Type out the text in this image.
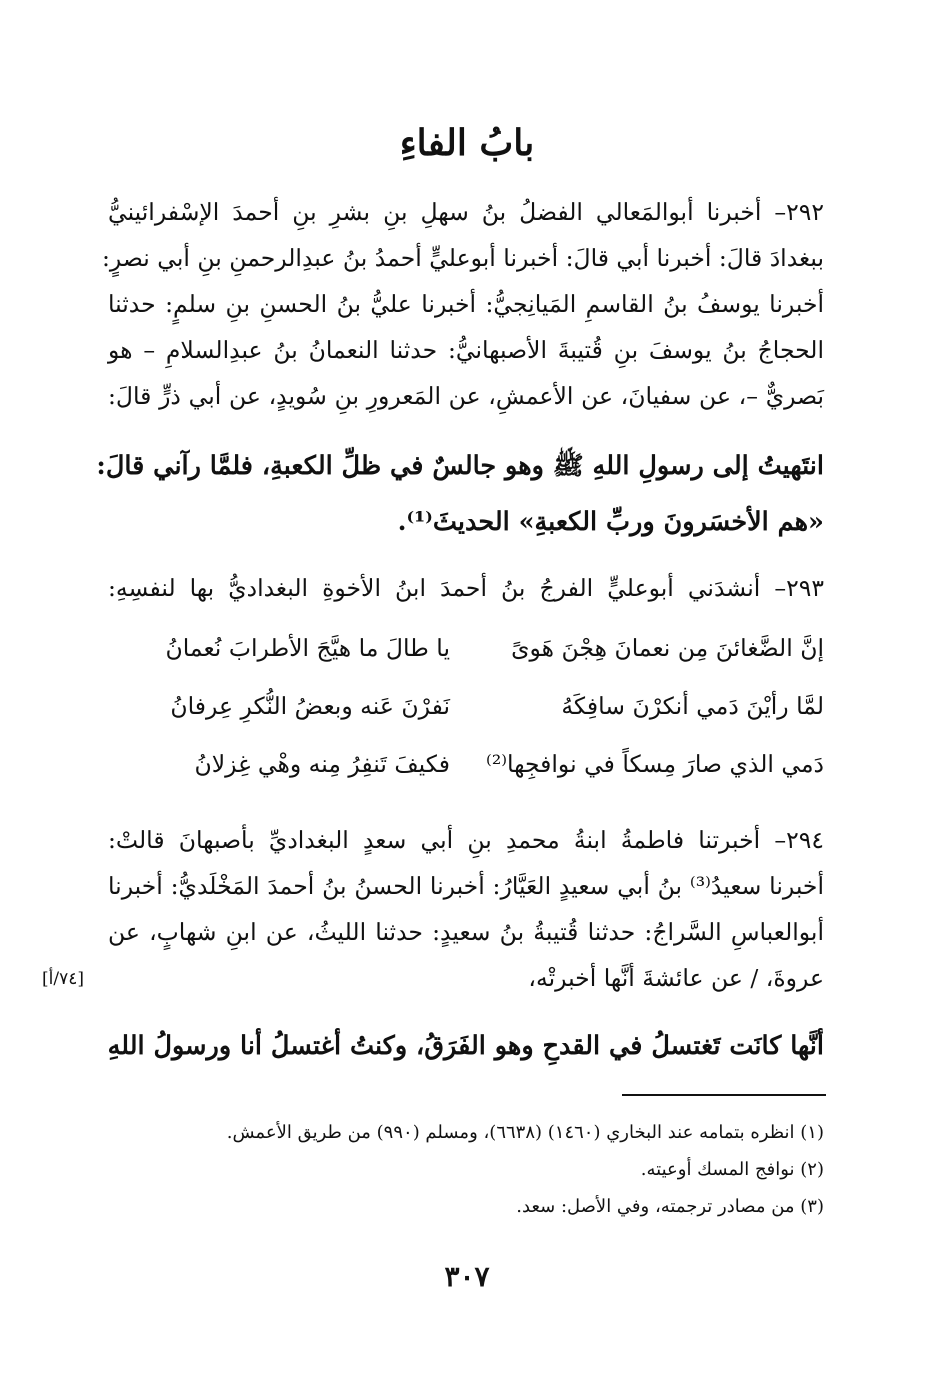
بابُ الفاءِ
٢٩٢– أخبرنا أبوالمَعالي الفضلُ بنُ سهلِ بنِ بشرِ بنِ أحمدَ الإسْفرائينيُّ
ببغدادَ قالَ: أخبرنا أبي قالَ: أخبرنا أبوعليٍّ أحمدُ بنُ عبدِالرحمنِ بنِ أبي نصرٍ:
أخبرنا يوسفُ بنُ القاسمِ المَيانِجيُّ: أخبرنا عليُّ بنُ الحسنِ بنِ سلمٍ: حدثنا
الحجاجُ بنُ يوسفَ بنِ قُتيبةَ الأصبهانيُّ: حدثنا النعمانُ بنُ عبدِالسلامِ – هو
بَصريٌّ –، عن سفيانَ، عن الأعمشِ، عن المَعرورِ بنِ سُويدٍ، عن أبي ذرٍّ قالَ:
انتَهيتُ إلى رسولِ اللهِ ﷺ وهو جالسٌ في ظلِّ الكعبةِ، فلمَّا رآني قالَ:
«هم الأخسَرونَ وربِّ الكعبةِ» الحديثَ⁽¹⁾.
٢٩٣– أنشدَني أبوعليٍّ الفرجُ بنُ أحمدَ ابنُ الأخوةِ البغداديُّ بها لنفسِهِ:
إنَّ الضَّغائنَ مِن نعمانَ هِجْنَ هَوىً
يا طالَ ما هيَّجَ الأطرابَ نُعمانُ
لمَّا رأيْنَ دَمي أنكرْنَ سافِكَهُ
نَفرْنَ عَنه وبعضُ النُّكرِ عِرفانُ
دَمي الذي صارَ مِسكاً في نوافجِها⁽²⁾
فكيفَ تَنفِرُ مِنه وهْي غِزلانُ
٢٩٤– أخبرتنا فاطمةُ ابنةُ محمدِ بنِ أبي سعدٍ البغداديِّ بأصبهانَ قالتْ:
أخبرنا سعيدُ⁽³⁾ بنُ أبي سعيدٍ العَيَّارُ: أخبرنا الحسنُ بنُ أحمدَ المَخْلَديُّ: أخبرنا
أبوالعباسِ السَّراجُ: حدثنا قُتيبةُ بنُ سعيدٍ: حدثنا الليثُ، عن ابنِ شهابٍ، عن
عروةَ، / عن عائشةَ أنَّها أخبرتْه،
[٧٤/أ]
أنَّها كانَت تَغتسلُ في القدحِ وهو الفَرَقُ، وكنتُ أغتسلُ أنا ورسولُ اللهِ
(١) انظره بتمامه عند البخاري (١٤٦٠) (٦٦٣٨)، ومسلم (٩٩٠) من طريق الأعمش.
(٢) نوافج المسك أوعيته.
(٣) من مصادر ترجمته، وفي الأصل: سعد.
٣٠٧
